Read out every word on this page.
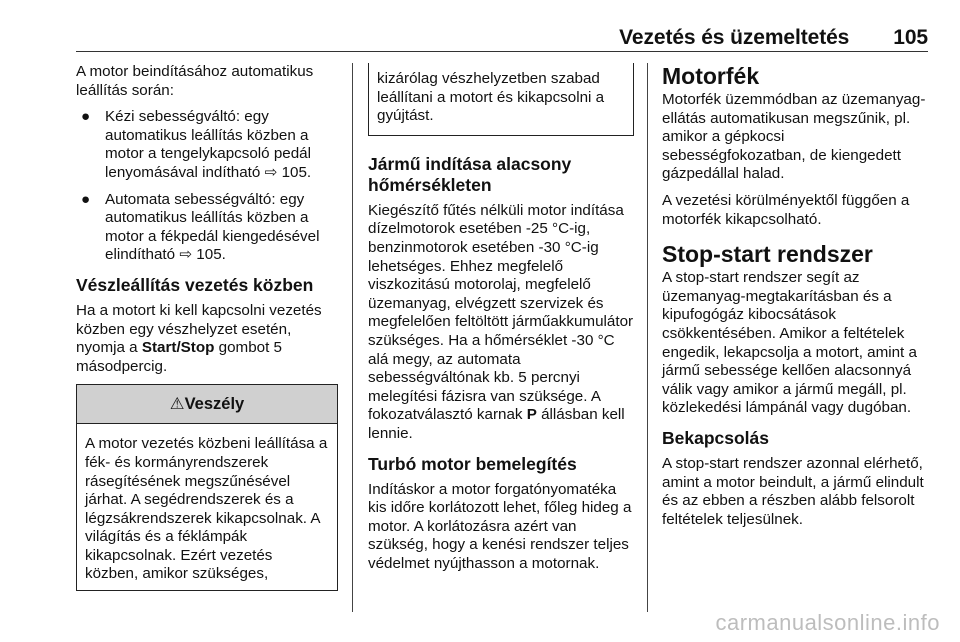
Vezetés és üzemeltetés 105

A motor beindításához automatikus leállítás során:

● Kézi sebességváltó: egy automatikus leállítás közben a motor a tengelykapcsoló pedál lenyomásával indítható ⇨ 105.
● Automata sebességváltó: egy automatikus leállítás közben a motor a fékpedál kiengedésével elindítható ⇨ 105.
Vészleállítás vezetés közben

Ha a motort ki kell kapcsolni vezetés közben egy vészhelyzet esetén, nyomja a Start/Stop gombot 5 másodpercig.

⚠ Veszély

A motor vezetés közbeni leállítása a fék- és kormányrendszerek rásegítésének megszűnésével járhat. A segédrendszerek és a légzsákrendszerek kikapcsolnak. A világítás és a féklámpák kikapcsolnak. Ezért vezetés közben, amikor szükséges,

kizárólag vészhelyzetben szabad leállítani a motort és kikapcsolni a gyújtást.

Jármű indítása alacsony hőmérsékleten

Kiegészítő fűtés nélküli motor indítása dízelmotorok esetében -25 °C-ig, benzinmotorok esetében -30 °C-ig lehetséges. Ehhez megfelelő viszkozitású motorolaj, megfelelő üzemanyag, elvégzett szervizek és megfelelően feltöltött járműakkumulátor szükséges. Ha a hőmérséklet -30 °C alá megy, az automata sebességváltónak kb. 5 percnyi melegítési fázisra van szüksége. A fokozatválasztó karnak P állásban kell lennie.

Turbó motor bemelegítés

Indításkor a motor forgatónyomatéka kis időre korlátozott lehet, főleg hideg a motor. A korlátozásra azért van szükség, hogy a kenési rendszer teljes védelmet nyújthasson a motornak.

Motorfék

Motorfék üzemmódban az üzemanyag-ellátás automatikusan megszűnik, pl. amikor a gépkocsi sebességfokozatban, de kiengedett gázpedállal halad.

A vezetési körülményektől függően a motorfék kikapcsolható.

Stop-start rendszer

A stop-start rendszer segít az üzemanyag-megtakarításban és a kipufogógáz kibocsátások csökkentésében. Amikor a feltételek engedik, lekapcsolja a motort, amint a jármű sebessége kellően alacsonnyá válik vagy amikor a jármű megáll, pl. közlekedési lámpánál vagy dugóban.

Bekapcsolás

A stop-start rendszer azonnal elérhető, amint a motor beindult, a jármű elindult és az ebben a részben alább felsorolt feltételek teljesülnek.

carmanualsonline.info
